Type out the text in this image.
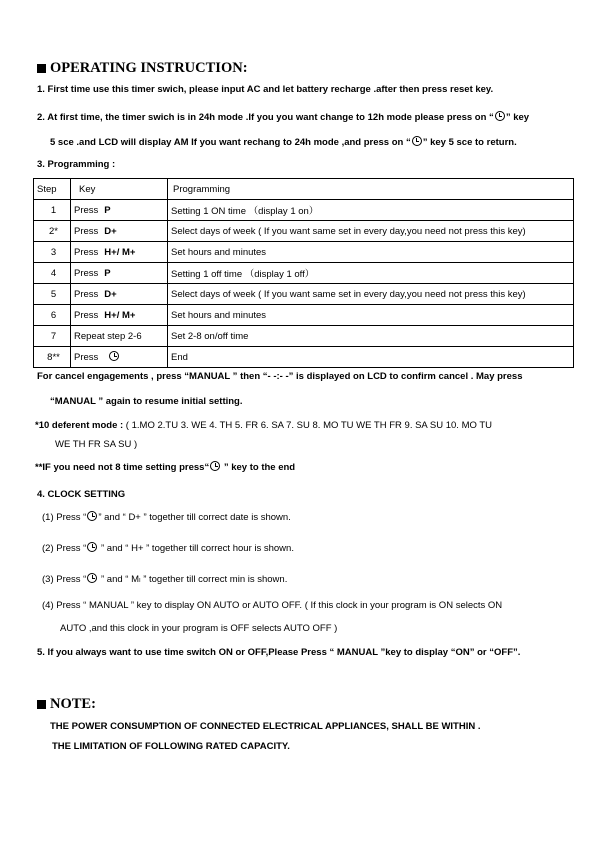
OPERATING INSTRUCTION:
1. First time use this timer swich, please input AC and let battery recharge .after then press reset key.
2. At first time, the timer swich is in 24h mode .If you you want change to 12h mode please press on “ ” key
5 sce .and LCD will display AM If you want rechang to 24h mode ,and press on “ ” key 5 sce to return.
3. Programming :
Step	Key	Programming
1	Press P	Setting 1 ON time （display 1 on）
2*	Press D+	Select days of week ( If you want same set in every day,you need not press this key)
3	Press H+/ M+	Set hours and minutes
4	Press P	Setting 1 off time （display 1 off）
5	Press D+	Select days of week ( If you want same set in every day,you need not press this key)
6	Press H+/ M+	Set hours and minutes
7	Repeat step 2-6	Set 2-8 on/off time
8**	Press	End
For cancel engagements , press “MANUAL ” then “- -:- -” is displayed on LCD to confirm cancel . May press
“MANUAL ” again to resume initial setting.
*10 deferent mode : ( 1.MO 2.TU 3. WE 4. TH 5. FR 6. SA 7. SU 8. MO TU WE TH FR 9. SA SU 10. MO TU
WE TH FR SA SU )
**IF you need not 8 time setting press“ ” key to the end
4. CLOCK SETTING
(1) Press “ ” and “ D+ ” together till correct date is shown.
(2) Press “ ” and “ H+ ” together till correct hour is shown.
(3) Press “ ” and “ Mₗ ” together till correct min is shown.
(4) Press “ MANUAL ” key to display ON AUTO or AUTO OFF. ( If this clock in your program is ON selects ON
AUTO ,and this clock in your program is OFF selects AUTO OFF )
5. If you always want to use time switch ON or OFF,Please Press “ MANUAL ”key to display “ON” or “OFF”.
NOTE:
THE POWER CONSUMPTION OF CONNECTED ELECTRICAL APPLIANCES, SHALL BE WITHIN .
THE LIMITATION OF FOLLOWING RATED CAPACITY.
